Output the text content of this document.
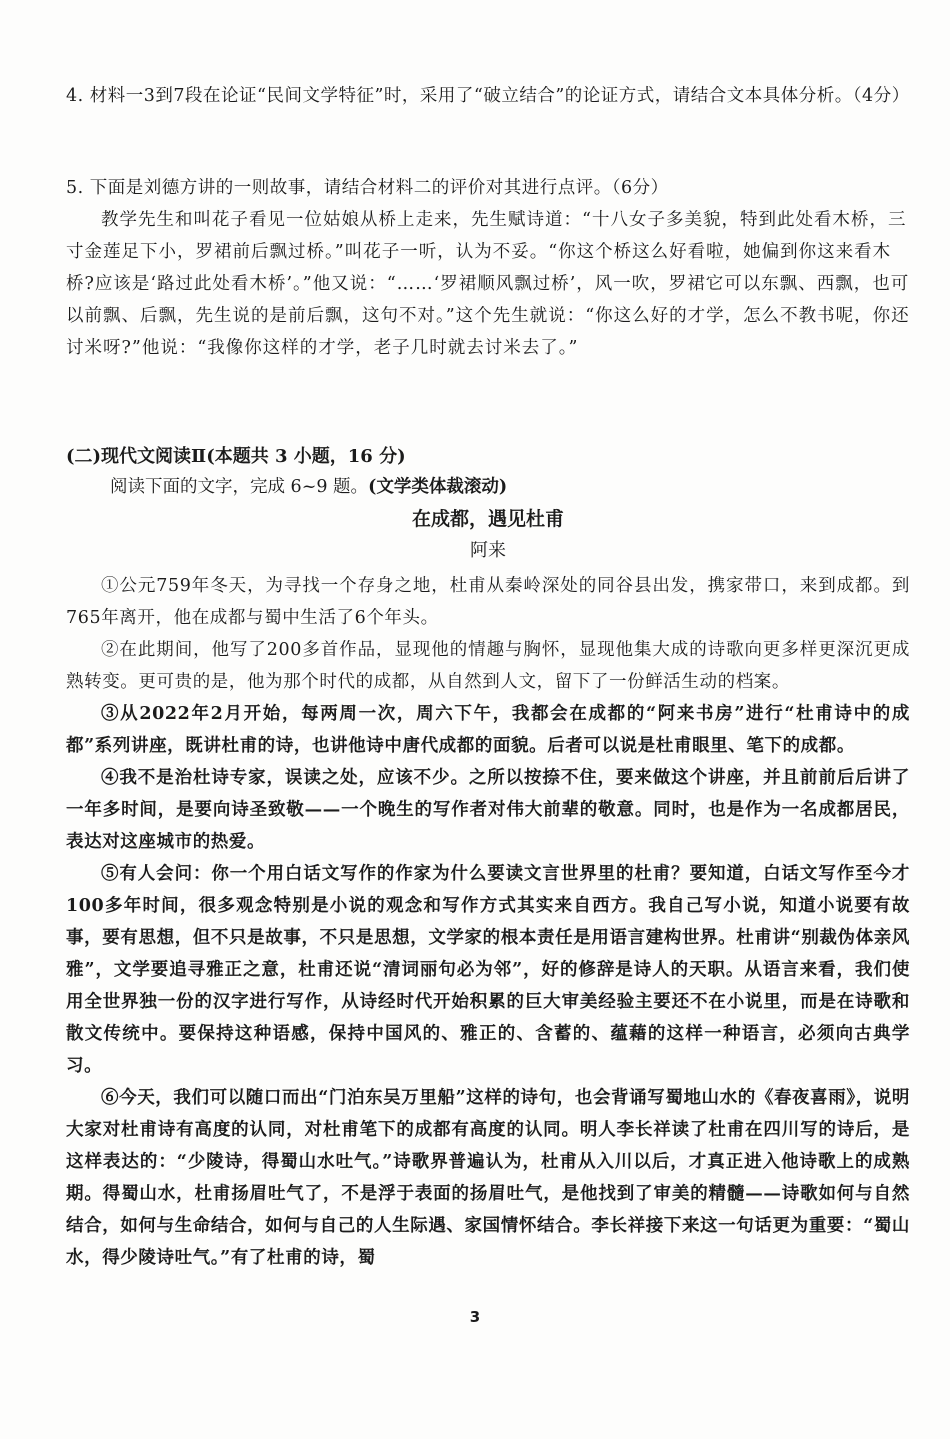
4. 材料一3到7段在论证“民间文学特征”时，采用了“破立结合”的论证方式，请结合文本具体分析。（4分）

5. 下面是刘德方讲的一则故事，请结合材料二的评价对其进行点评。（6分）

教学先生和叫花子看见一位姑娘从桥上走来，先生赋诗道：“十八女子多美貌，特到此处看木桥，三寸金莲足下小，罗裙前后飘过桥。”叫花子一听，认为不妥。“你这个桥这么好看啦，她偏到你这来看木桥?应该是‘路过此处看木桥’。”他又说：“……‘罗裙顺风飘过桥’，风一吹，罗裙它可以东飘、西飘，也可以前飘、后飘，先生说的是前后飘，这句不对。”这个先生就说：“你这么好的才学，怎么不教书呢，你还讨米呀?”他说：“我像你这样的才学，老子几时就去讨米去了。”

(二)现代文阅读Ⅱ(本题共 3 小题，16 分)

阅读下面的文字，完成 6~9 题。(文学类体裁滚动)

在成都，遇见杜甫

阿来

①公元759年冬天，为寻找一个存身之地，杜甫从秦岭深处的同谷县出发，携家带口，来到成都。到765年离开，他在成都与蜀中生活了6个年头。

②在此期间，他写了200多首作品，显现他的情趣与胸怀，显现他集大成的诗歌向更多样更深沉更成熟转变。更可贵的是，他为那个时代的成都，从自然到人文，留下了一份鲜活生动的档案。

③从2022年2月开始，每两周一次，周六下午，我都会在成都的“阿来书房”进行“杜甫诗中的成都”系列讲座，既讲杜甫的诗，也讲他诗中唐代成都的面貌。后者可以说是杜甫眼里、笔下的成都。

④我不是治杜诗专家，误读之处，应该不少。之所以按捺不住，要来做这个讲座，并且前前后后讲了一年多时间，是要向诗圣致敬——一个晚生的写作者对伟大前辈的敬意。同时，也是作为一名成都居民，表达对这座城市的热爱。

⑤有人会问：你一个用白话文写作的作家为什么要读文言世界里的杜甫？要知道，白话文写作至今才100多年时间，很多观念特别是小说的观念和写作方式其实来自西方。我自己写小说，知道小说要有故事，要有思想，但不只是故事，不只是思想，文学家的根本责任是用语言建构世界。杜甫讲“别裁伪体亲风雅”，文学要追寻雅正之意，杜甫还说“清词丽句必为邻”，好的修辞是诗人的天职。从语言来看，我们使用全世界独一份的汉字进行写作，从诗经时代开始积累的巨大审美经验主要还不在小说里，而是在诗歌和散文传统中。要保持这种语感，保持中国风的、雅正的、含蓄的、蕴藉的这样一种语言，必须向古典学习。

⑥今天，我们可以随口而出“门泊东吴万里船”这样的诗句，也会背诵写蜀地山水的《春夜喜雨》，说明大家对杜甫诗有高度的认同，对杜甫笔下的成都有高度的认同。明人李长祥读了杜甫在四川写的诗后，是这样表达的：“少陵诗，得蜀山水吐气。”诗歌界普遍认为，杜甫从入川以后，才真正进入他诗歌上的成熟期。得蜀山水，杜甫扬眉吐气了，不是浮于表面的扬眉吐气，是他找到了审美的精髓——诗歌如何与自然结合，如何与生命结合，如何与自己的人生际遇、家国情怀结合。李长祥接下来这一句话更为重要：“蜀山水，得少陵诗吐气。”有了杜甫的诗，蜀

3
